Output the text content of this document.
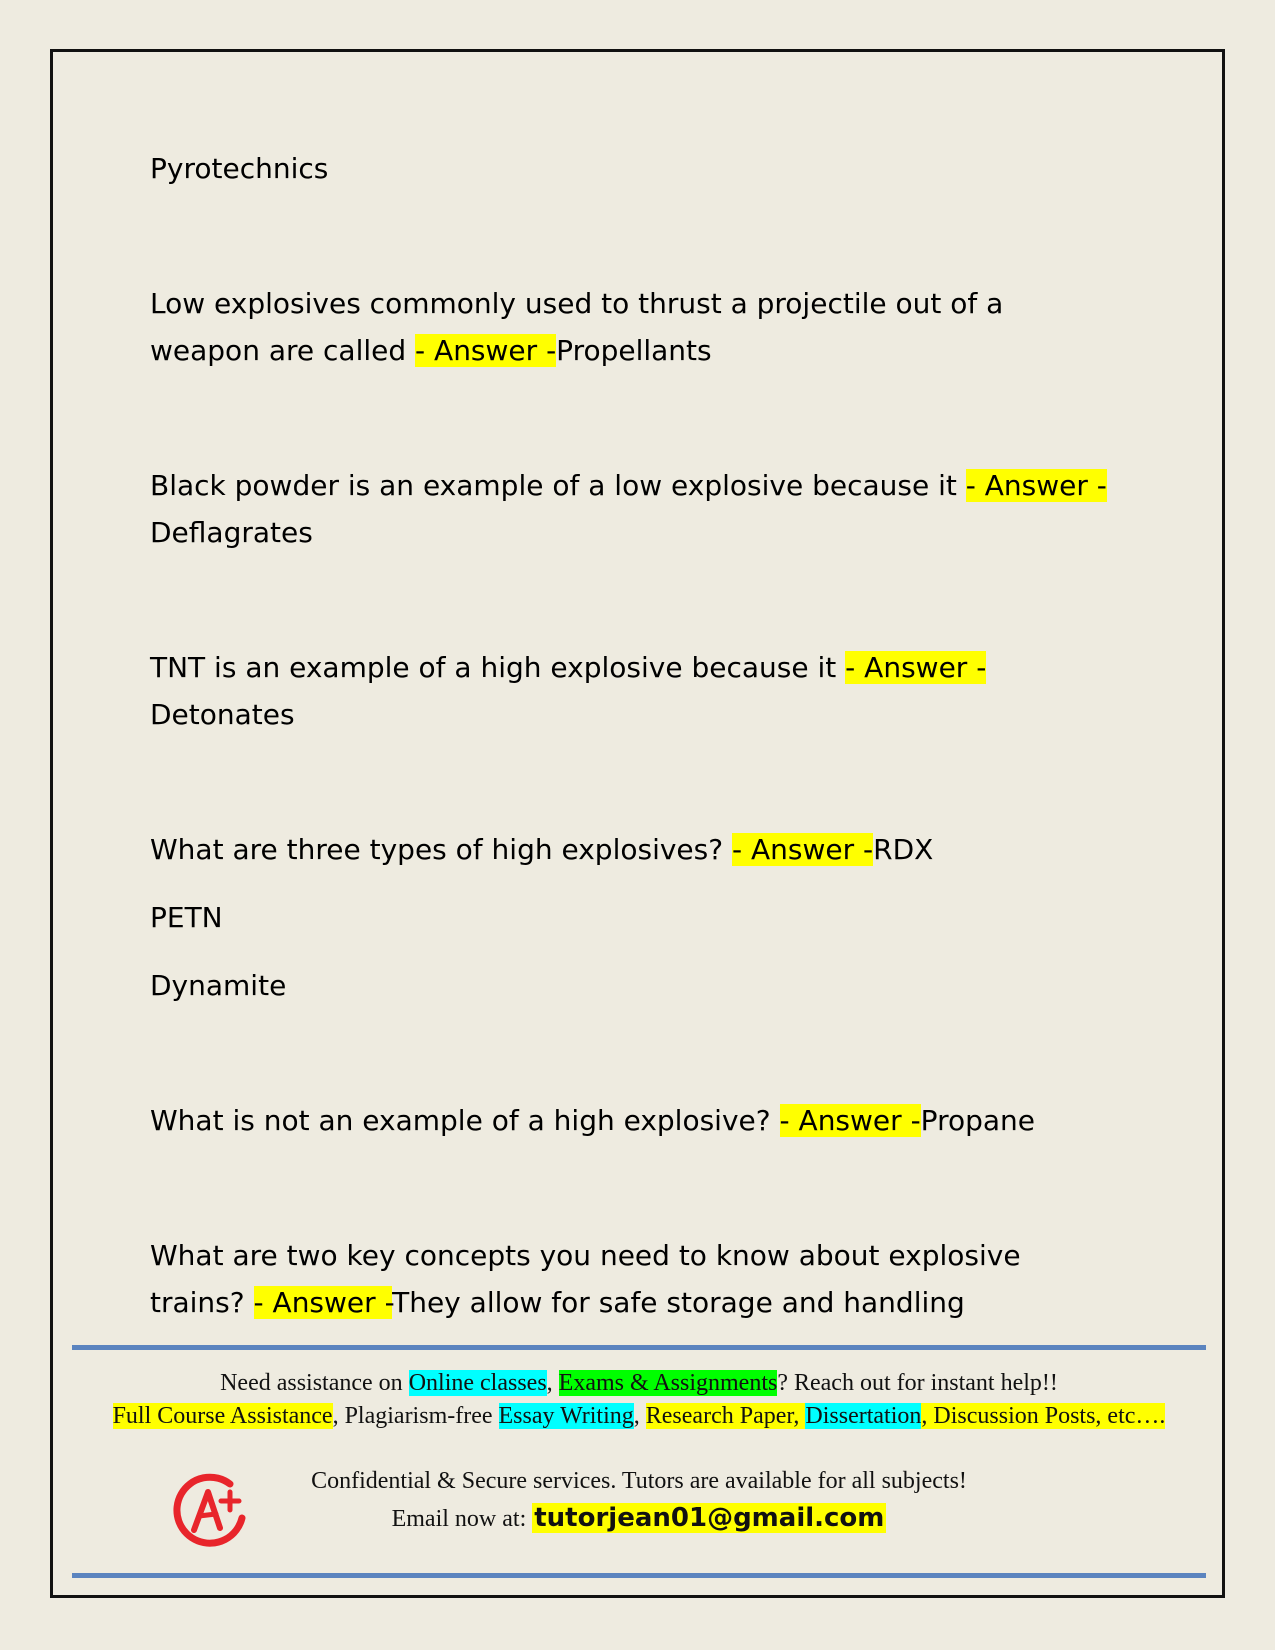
Pyrotechnics

Low explosives commonly used to thrust a projectile out of a weapon are called - Answer -Propellants

Black powder is an example of a low explosive because it - Answer -Deflagrates

TNT is an example of a high explosive because it - Answer -Detonates

What are three types of high explosives? - Answer -RDX

PETN

Dynamite

What is not an example of a high explosive? - Answer -Propane

What are two key concepts you need to know about explosive trains? - Answer -They allow for safe storage and handling

Need assistance on Online classes, Exams & Assignments? Reach out for instant help!!
Full Course Assistance, Plagiarism-free Essay Writing, Research Paper, Dissertation, Discussion Posts, etc….
Confidential & Secure services. Tutors are available for all subjects!
Email now at: tutorjean01@gmail.com
